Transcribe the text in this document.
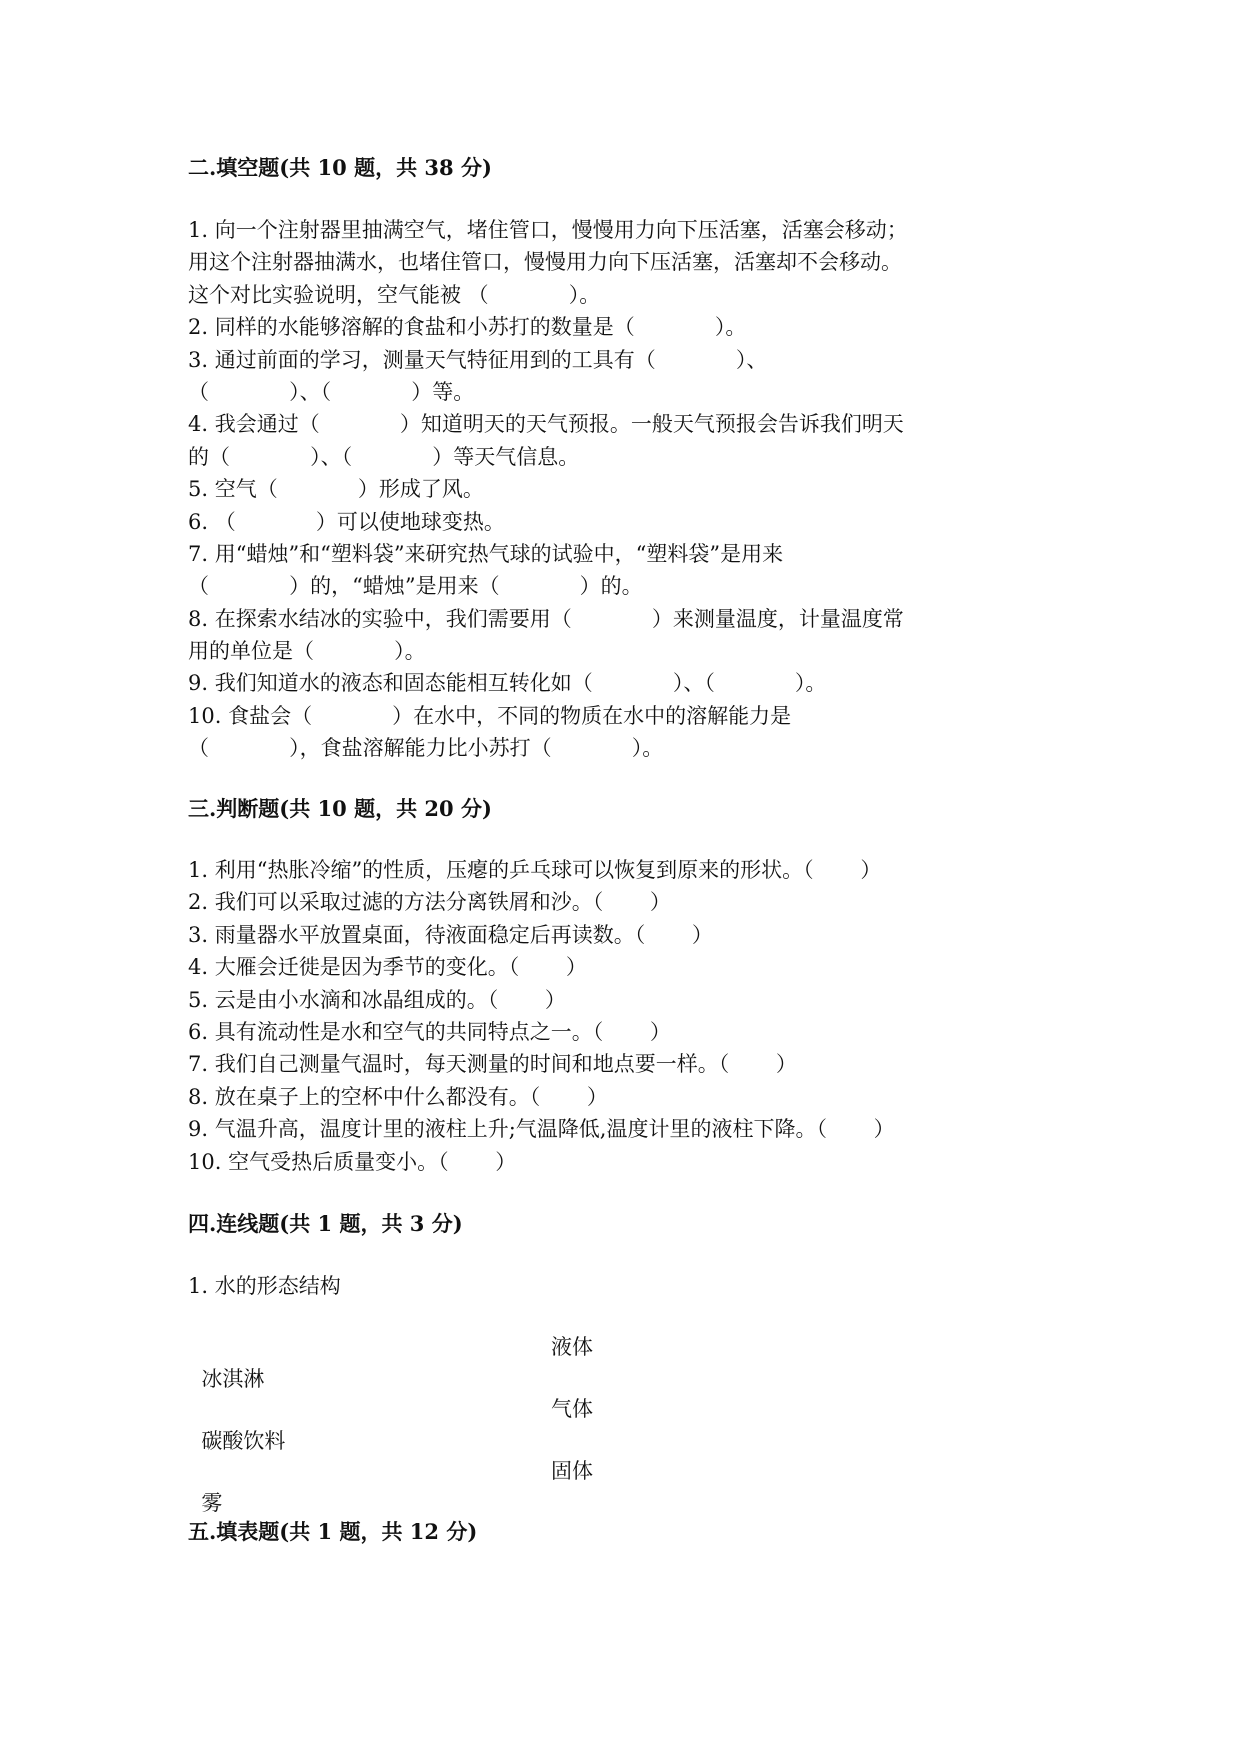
二.填空题(共 10 题，共 38 分)
1. 向一个注射器里抽满空气，堵住管口，慢慢用力向下压活塞，活塞会移动；
用这个注射器抽满水，也堵住管口，慢慢用力向下压活塞，活塞却不会移动。
这个对比实验说明，空气能被 （            ）。
2. 同样的水能够溶解的食盐和小苏打的数量是（            ）。
3. 通过前面的学习，测量天气特征用到的工具有（            ）、
（            ）、（            ）等。
4. 我会通过（            ）知道明天的天气预报。一般天气预报会告诉我们明天
的（            ）、（            ）等天气信息。
5. 空气（            ）形成了风。
6. （            ）可以使地球变热。
7. 用“蜡烛”和“塑料袋”来研究热气球的试验中，“塑料袋”是用来
（            ）的，“蜡烛”是用来（            ）的。
8. 在探索水结冰的实验中，我们需要用（            ）来测量温度，计量温度常
用的单位是（            ）。
9. 我们知道水的液态和固态能相互转化如（            ）、（            ）。
10. 食盐会（            ）在水中，不同的物质在水中的溶解能力是
（            ），食盐溶解能力比小苏打（            ）。
三.判断题(共 10 题，共 20 分)
1. 利用“热胀冷缩”的性质，压瘪的乒乓球可以恢复到原来的形状。（       ）
2. 我们可以采取过滤的方法分离铁屑和沙。（       ）
3. 雨量器水平放置桌面，待液面稳定后再读数。（       ）
4. 大雁会迁徙是因为季节的变化。（       ）
5. 云是由小水滴和冰晶组成的。（       ）
6. 具有流动性是水和空气的共同特点之一。（       ）
7. 我们自己测量气温时，每天测量的时间和地点要一样。（       ）
8. 放在桌子上的空杯中什么都没有。（       ）
9. 气温升高，温度计里的液柱上升;气温降低,温度计里的液柱下降。（       ）
10. 空气受热后质量变小。（       ）
四.连线题(共 1 题，共 3 分)
1. 水的形态结构

冰淇淋

液体

碳酸饮料

气体

雾

固体

五.填表题(共 1 题，共 12 分)
